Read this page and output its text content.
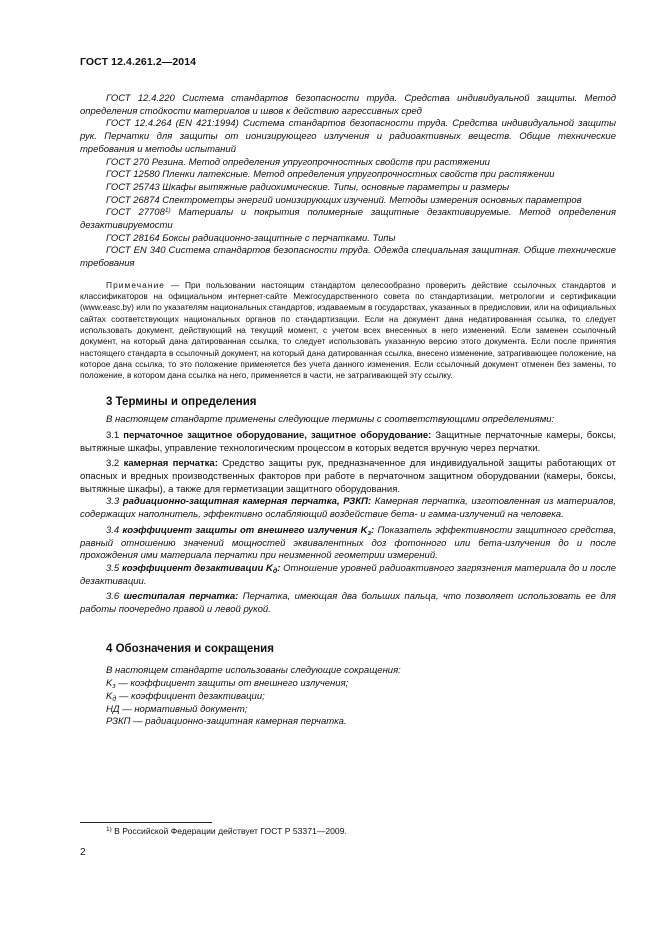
ГОСТ 12.4.261.2—2014

ГОСТ 12.4.220 Система стандартов безопасности труда. Средства индивидуальной защиты. Метод определения стойкости материалов и швов к действию агрессивных сред

ГОСТ 12.4.264 (EN 421:1994) Система стандартов безопасности труда. Средства индивидуальной защиты рук. Перчатки для защиты от ионизирующего излучения и радиоактивных веществ. Общие технические требования и методы испытаний

ГОСТ 270 Резина. Метод определения упругопрочностных свойств при растяжении

ГОСТ 12580 Пленки латексные. Метод определения упругопрочностных свойств при растяжении

ГОСТ 25743 Шкафы вытяжные радиохимические. Типы, основные параметры и размеры

ГОСТ 26874 Спектрометры энергий ионизирующих изучений. Методы измерения основных параметров

ГОСТ 27708$^{1)}$ Материалы и покрытия полимерные защитные дезактивируемые. Метод определения дезактивируемости

ГОСТ 28164 Боксы радиационно-защитные с перчатками. Типы

ГОСТ EN 340 Система стандартов безопасности труда. Одежда специальная защитная. Общие технические требования

Примечание — При пользовании настоящим стандартом целесообразно проверить действие ссылочных стандартов и классификаторов на официальном интернет-сайте Межгосударственного совета по стандартизации, метрологии и сертификации (www.easc.by) или по указателям национальных стандартов, издаваемым в государствах, указанных в предисловии, или на официальных сайтах соответствующих национальных органов по стандартизации. Если на документ дана недатированная ссылка, то следует использовать документ, действующий на текущий момент, с учетом всех внесенных в него изменений. Если заменен ссылочный документ, на который дана датированная ссылка, то следует использовать указанную версию этого документа. Если после принятия настоящего стандарта в ссылочный документ, на который дана датированная ссылка, внесено изменение, затрагивающее положение, на которое дана ссылка, то это положение применяется без учета данного изменения. Если ссылочный документ отменен без замены, то положение, в котором дана ссылка на него, применяется в части, не затрагивающей эту ссылку.

3 Термины и определения

В настоящем стандарте применены следующие термины с соответствующими определениями:

3.1 перчаточное защитное оборудование, защитное оборудование: Защитные перчаточные камеры, боксы, вытяжные шкафы, управление технологическим процессом в которых ведется вручную через перчатки.

3.2 камерная перчатка: Средство защиты рук, предназначенное для индивидуальной защиты работающих от опасных и вредных производственных факторов при работе в перчаточном защитном оборудовании (камеры, боксы, вытяжные шкафы), а также для герметизации защитного оборудования.

3.3 радиационно-защитная камерная перчатка, РЗКП: Камерная перчатка, изготовленная из материалов, содержащих наполнитель, эффективно ослабляющий воздействие бета- и гамма-излучений на человека.

3.4 коэффициент защиты от внешнего излучения $K_з$: Показатель эффективности защитного средства, равный отношению значений мощностей эквивалентных доз фотонного или бета-излучения до и после прохождения ими материала перчатки при неизменной геометрии измерений.

3.5 коэффициент дезактивации $K_д$: Отношение уровней радиоактивного загрязнения материала до и после дезактивации.

3.6 шестипалая перчатка: Перчатка, имеющая два больших пальца, что позволяет использовать ее для работы поочередно правой и левой рукой.

4 Обозначения и сокращения

В настоящем стандарте использованы следующие сокращения:

$K_з$ — коэффициент защиты от внешнего излучения;

$K_д$ — коэффициент дезактивации;

НД — нормативный документ;

РЗКП — радиационно-защитная камерная перчатка.

$^{1)}$ В Российской Федерации действует ГОСТ Р 53371—2009.
2
